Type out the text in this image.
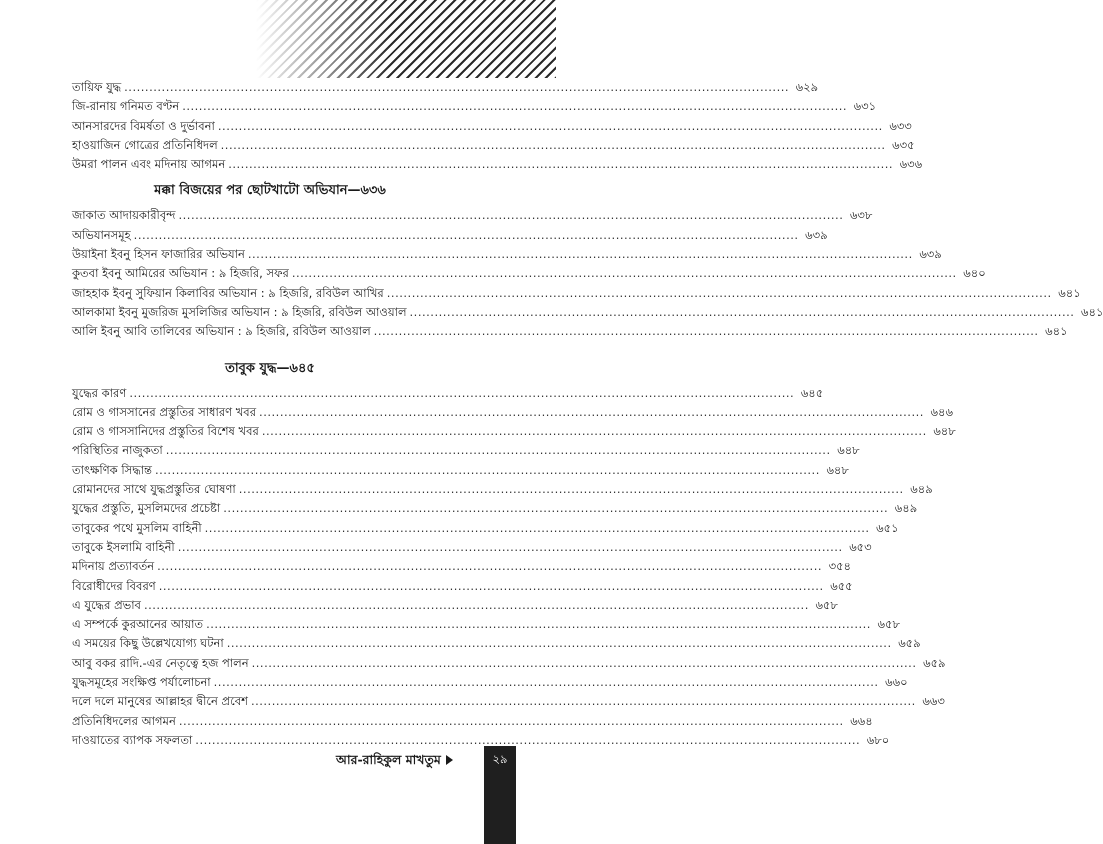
তায়িফ যুদ্ধ .....	৬২৯
জি-রানায় গনিমত বণ্টন .....	৬৩১
আনসারদের বিমর্ষতা ও দুর্ভাবনা .....	৬৩৩
হাওয়াজিন গোত্রের প্রতিনিধিদল .....	৬৩৫
উমরা পালন এবং মদিনায় আগমন .....	৬৩৬
মক্কা বিজয়ের পর ছোটখাটো অভিযান—৬৩৬
জাকাত আদায়কারীবৃন্দ .....	৬৩৮
অভিযানসমূহ .....	৬৩৯
উয়াইনা ইবনু হিসন ফাজারির অভিযান .....	৬৩৯
কুতবা ইবনু আমিরের অভিযান : ৯ হিজরি, সফর .....	৬৪০
জাহহাক ইবনু সুফিয়ান কিলাবির অভিযান : ৯ হিজরি, রবিউল আখির .....	৬৪১
আলকামা ইবনু মুজরিজ মুসলিজির অভিযান : ৯ হিজরি, রবিউল আওয়াল .....	৬৪১
আলি ইবনু আবি তালিবের অভিযান : ৯ হিজরি, রবিউল আওয়াল .....	৬৪১
তাবুক যুদ্ধ—৬৪৫
যুদ্ধের কারণ .....	৬৪৫
রোম ও গাসসানের প্রস্তুতির সাধারণ খবর .....	৬৪৬
রোম ও গাসসানিদের প্রস্তুতির বিশেষ খবর .....	৬৪৮
পরিস্থিতির নাজুকতা .....	৬৪৮
তাৎক্ষণিক সিদ্ধান্ত .....	৬৪৮
রোমানদের সাথে যুদ্ধপ্রস্তুতির ঘোষণা .....	৬৪৯
যুদ্ধের প্রস্তুতি, মুসলিমদের প্রচেষ্টা .....	৬৪৯
তাবুকের পথে মুসলিম বাহিনী .....	৬৫১
তাবুকে ইসলামি বাহিনী .....	৬৫৩
মদিনায় প্রত্যাবর্তন .....	৩৫৪
বিরোধীদের বিবরণ .....	৬৫৫
এ যুদ্ধের প্রভাব .....	৬৫৮
এ সম্পর্কে কুরআনের আয়াত .....	৬৫৮
এ সময়ের কিছু উল্লেখযোগ্য ঘটনা .....	৬৫৯
আবু বকর রাদি.-এর নেতৃত্বে হজ পালন .....	৬৫৯
যুদ্ধসমূহের সংক্ষিপ্ত পর্যালোচনা .....	৬৬০
দলে দলে মানুষের আল্লাহর দ্বীনে প্রবেশ .....	৬৬৩
প্রতিনিধিদলের আগমন .....	৬৬৪
দাওয়াতের ব্যাপক সফলতা .....	৬৮০
আর-রাহিকুল মাখতুম	২৯
